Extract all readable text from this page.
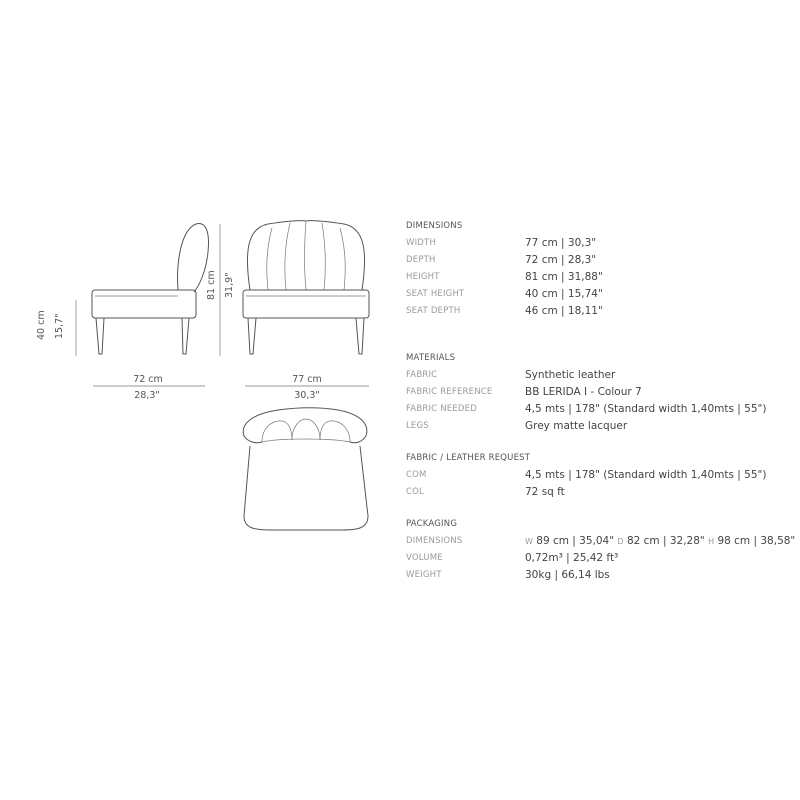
40 cm 15,7"
72 cm
28,3"
81 cm 31,9"
77 cm
30,3"
DIMENSIONS
WIDTH	77 cm | 30,3"
DEPTH	72 cm | 28,3"
HEIGHT	81 cm | 31,88"
SEAT HEIGHT	40 cm | 15,74"
SEAT DEPTH	46 cm | 18,11"
MATERIALS
FABRIC	Synthetic leather
FABRIC REFERENCE	BB LERIDA I - Colour 7
FABRIC NEEDED	4,5 mts | 178" (Standard width 1,40mts | 55")
LEGS	Grey matte lacquer
FABRIC / LEATHER REQUEST
COM	4,5 mts | 178" (Standard width 1,40mts | 55")
COL	72 sq ft
PACKAGING
DIMENSIONS	W 89 cm | 35,04" D 82 cm | 32,28" H 98 cm | 38,58"
VOLUME	0,72m³ | 25,42 ft³
WEIGHT	30kg | 66,14 lbs
